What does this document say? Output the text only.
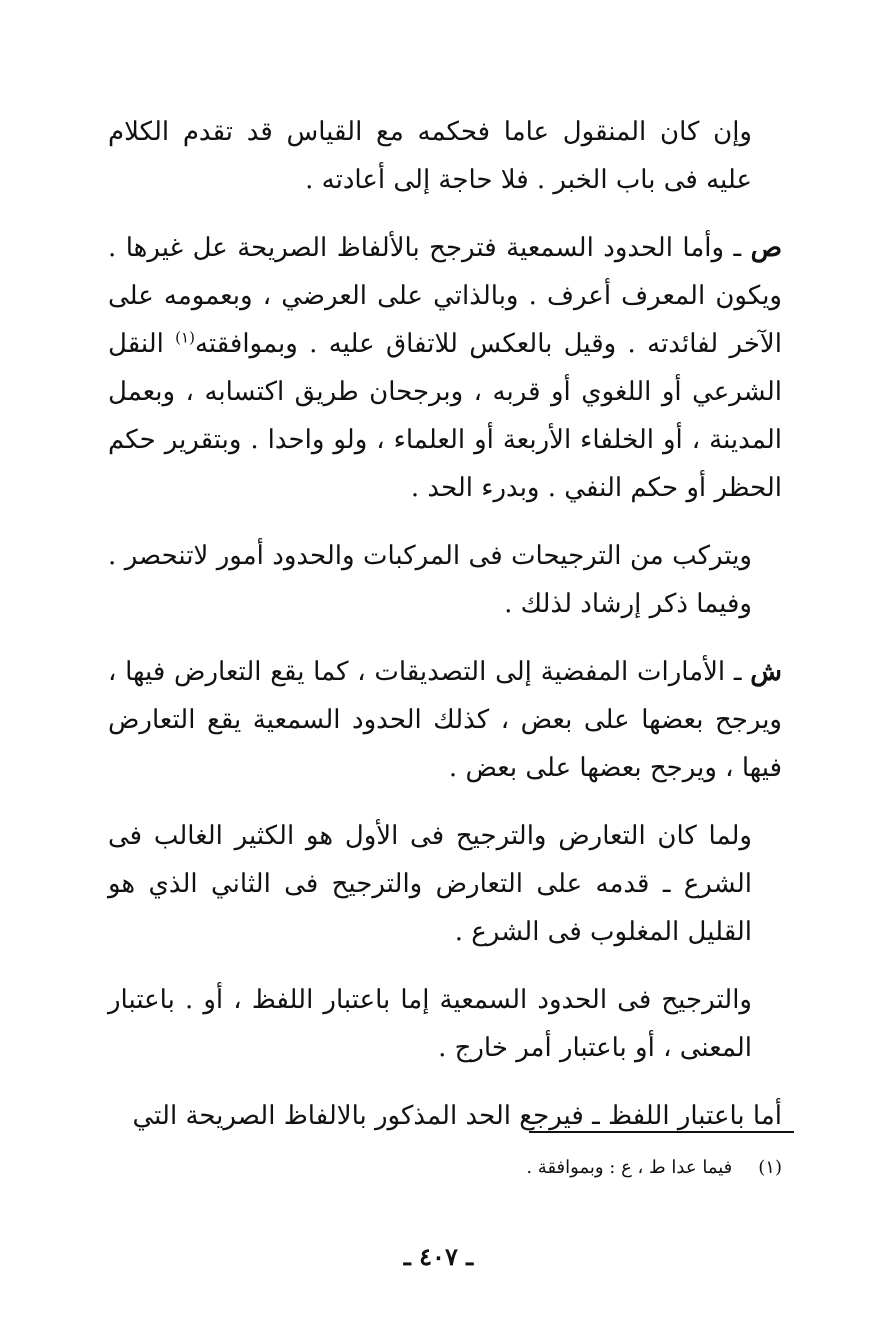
وإن كان المنقول عاما فحكمه مع القياس قد تقدم الكلام عليه فى باب الخبر . فلا حاجة إلى أعادته .

ص ـ وأما الحدود السمعية فترجح بالألفاظ الصريحة عل غيرها . ويكون المعرف أعرف . وبالذاتي على العرضي ، وبعمومه على الآخر لفائدته . وقيل بالعكس للاتفاق عليه . وبموافقته$^{(١)}$ النقل الشرعي أو اللغوي أو قربه ، وبرجحان طريق اكتسابه ، وبعمل المدينة ، أو الخلفاء الأربعة أو العلماء ، ولو واحدا . وبتقرير حكم الحظر أو حكم النفي . وبدرء الحد .

ويتركب من الترجيحات فى المركبات والحدود أمور لاتنحصر . وفيما ذكر إرشاد لذلك .

ش ـ الأمارات المفضية إلى التصديقات ، كما يقع التعارض فيها ، ويرجح بعضها على بعض ، كذلك الحدود السمعية يقع التعارض فيها ، ويرجح بعضها على بعض .

ولما كان التعارض والترجيح فى الأول هو الكثير الغالب فى الشرع ـ قدمه على التعارض والترجيح فى الثاني الذي هو القليل المغلوب فى الشرع .

والترجيح فى الحدود السمعية إما باعتبار اللفظ ، أو . باعتبار المعنى ، أو باعتبار أمر خارج .

أما باعتبار اللفظ ـ فيرجع الحد المذكور بالالفاظ الصريحة التي

(١)فيما عدا ط ، ع : وبموافقة .
ـ ٤٠٧ ـ
